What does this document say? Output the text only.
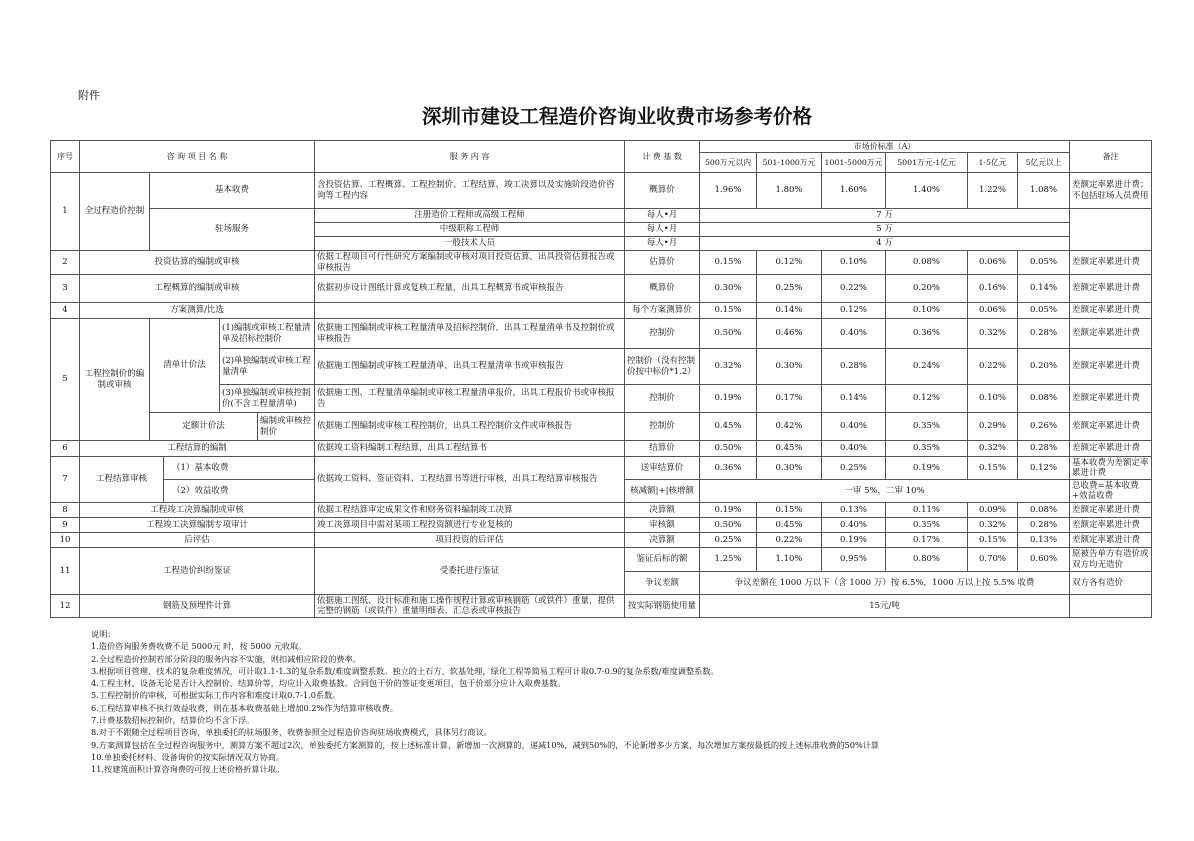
附件
深圳市建设工程造价咨询业收费市场参考价格
序号	咨 询 项 目 名 称					服 务 内 容	计 费 基 数	市场价标准（A）						备注
								500万元以内	501-1000万元	1001-5000万元	5001万元-1亿元	1-5亿元	5亿元以上	
1	全过程造价控制	基本收费				含投资估算、工程概算、工程控制价、工程结算、竣工决算以及实施阶段造价咨询等工程内容	概算价	1.96%	1.80%	1.60%	1.40%	1.22%	1.08%	差额定率累进计费；不包括驻场人员费用
		驻场服务				注册造价工程师或高级工程师	每人•月	7 万						
						中级职称工程师	每人•月	5 万						
						一般技术人员	每人•月	4 万						
2	投资估算的编制或审核					依据工程项目可行性研究方案编制或审核对项目投资估算，出具投资估算报告或审核报告	估算价	0.15%	0.12%	0.10%	0.08%	0.06%	0.05%	差额定率累进计费
3	工程概算的编制或审核					依据初步设计图纸计算或复核工程量，出具工程概算书或审核报告	概算价	0.30%	0.25%	0.22%	0.20%	0.16%	0.14%	差额定率累进计费
4	方案测算/比选						每个方案测算价	0.15%	0.14%	0.12%	0.10%	0.06%	0.05%	差额定率累进计费
5	工程控制价的编制或审核	清单计价法		(1)编制或审核工程量清单及招标控制价		依据施工图编制或审核工程量清单及招标控制价，出具工程量清单书及控制价或审核报告	控制价	0.50%	0.46%	0.40%	0.36%	0.32%	0.28%	差额定率累进计费
				(2)单独编制或审核工程量清单		依据施工图编制或审核工程量清单，出具工程量清单书或审核报告	控制价（没有控制价按中标价*1.2）	0.32%	0.30%	0.28%	0.24%	0.22%	0.20%	差额定率累进计费
				(3)单独编制或审核控制价(不含工程量清单)		依据施工图、工程量清单编制或审核工程量清单报价，出具工程报价书或审核报告	控制价	0.19%	0.17%	0.14%	0.12%	0.10%	0.08%	差额定率累进计费
		定额计价法			编制或审核控制价	依据施工图编制或审核工程控制价，出具工程控制价文件或审核报告	控制价	0.45%	0.42%	0.40%	0.35%	0.29%	0.26%	差额定率累进计费
6	工程结算的编制					依据竣工资料编制工程结算，出具工程结算书	结算价	0.50%	0.45%	0.40%	0.35%	0.32%	0.28%	差额定率累进计费
7	工程结算审核		（1）基本收费			依据竣工资料、签证资料、工程结算书等进行审核，出具工程结算审核报告	送审结算价	0.36%	0.30%	0.25%	0.19%	0.15%	0.12%	基本收费为差额定率累进计费
			（2）效益收费				核减额|+|核增额	一审 5%，二审 10%						总收费=基本收费+效益收费
8	工程竣工决算编制或审核					依据工程结算审定成果文件和财务资料编制竣工决算	决算额	0.19%	0.15%	0.13%	0.11%	0.09%	0.08%	差额定率累进计费
9	工程竣工决算编制专项审计					竣工决算项目中需对某项工程投资额进行专业复核的	审核额	0.50%	0.45%	0.40%	0.35%	0.32%	0.28%	差额定率累进计费
10	后评估					项目投资的后评估	决算额	0.25%	0.22%	0.19%	0.17%	0.15%	0.13%	差额定率累进计费
11	工程造价纠纷鉴证					受委托进行鉴证	鉴证后标的额	1.25%	1.10%	0.95%	0.80%	0.70%	0.60%	原被告单方有造价或双方均无造价
							争议差额	争议差额在 1000 万以下（含 1000 万）按 6.5%，1000 万以上按 5.5% 收费						双方各有造价
12	钢筋及预埋件计算					依据施工图纸、设计标准和施工操作规程计算或审核钢筋（或铁件）重量，提供完整的钢筋（或铁件）重量明细表、汇总表或审核报告	按实际钢筋使用量	15元/吨						
说明：
1.造价咨询服务费收费不足 5000元 时，按 5000 元收取。
2.全过程造价控制若部分阶段的服务内容不实施，则扣减相应阶段的费率。
3.根据项目管理、技术的复杂难度情况，可计取1.1-1.3的复杂系数/难度调整系数。独立的土石方、软基处理，绿化工程等简易工程可计取0.7-0.9的复杂系数/难度调整系数。
4.工程主材、设备无论是否计入控制价、结算价等，均应计入取费基数。合同包干价的签证变更项目，包干价部分应计入取费基数。
5.工程控制价的审核，可根据实际工作内容和难度计取0.7-1.0系数。
6.工程结算审核不执行效益收费，则在基本收费基础上增加0.2%作为结算审核收费。
7.计费基数招标控制价，结算价均不含下浮。
8.对于不跟随全过程项目咨询，单独委托的驻场服务，收费参照全过程造价咨询驻场收费模式，具体另行商议。
9.方案测算包括在全过程咨询服务中，测算方案不超过2次。单独委托方案测算的，按上述标准计算，新增加一次测算的，递减10%，减到50%的，不论新增多少方案，每次增加方案按最低的按上述标准收费的50%计算
10.单独委托材料、设备询价的按实际情况双方协商。
11.按建筑面积计算咨询费的可按上述价格折算计取。
